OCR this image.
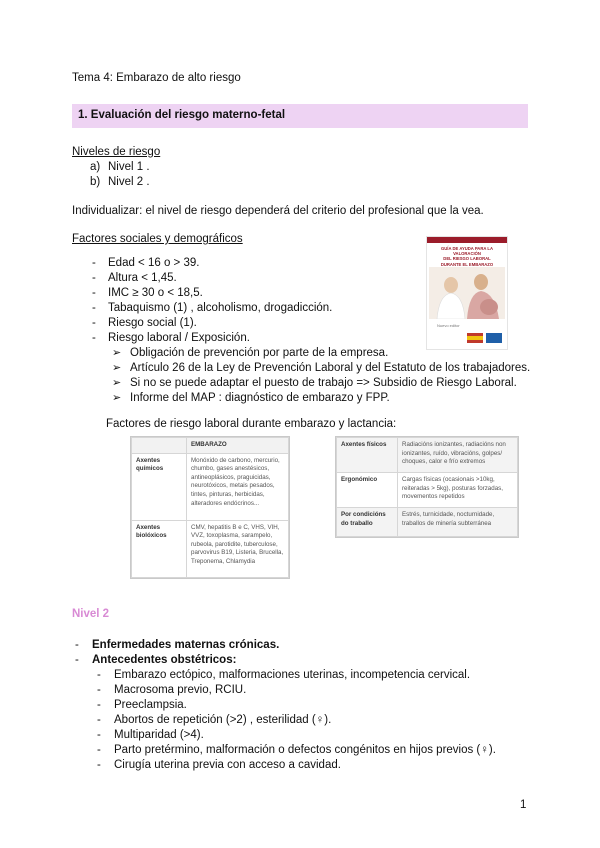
Tema 4: Embarazo de alto riesgo
1. Evaluación del riesgo materno-fetal
Niveles de riesgo
a) Nivel 1 .
b) Nivel 2 .
Individualizar: el nivel de riesgo dependerá del criterio del profesional que la vea.
Factores sociales y demográficos
GUÍA DE AYUDA PARA LA VALORACIÓN
DEL RIESGO LABORAL
DURANTE EL EMBARAZO
Nuevo editor
- Edad < 16 o > 39.
- Altura < 1,45.
- IMC ≥ 30 o < 18,5.
- Tabaquismo (1) , alcoholismo, drogadicción.
- Riesgo social (1).
- Riesgo laboral / Exposición.
➢ Obligación de prevención por parte de la empresa.
➢ Artículo 26 de la Ley de Prevención Laboral y del Estatuto de los trabajadores.
➢ Si no se puede adaptar el puesto de trabajo => Subsidio de Riesgo Laboral.
➢ Informe del MAP : diagnóstico de embarazo y FPP.
Factores de riesgo laboral durante embarazo y lactancia:
	EMBARAZO
Axentes químicos	Monóxido de carbono, mercurio, chumbo, gases anestésicos, antineoplásicos, praguicidas, neurotóxicos, metais pesados, tintes, pinturas, herbicidas, alteradores endócrinos...
Axentes biolóxicos	CMV, hepatitis B e C, VHS, VIH, VVZ, toxoplasma, sarampelo, rubeola, parotidite, tuberculose, parvovirus B19, Listeria, Brucella, Treponema, Chlamydia
Axentes físicos	Radiacións ionizantes, radiacións non ionizantes, ruído, vibracións, golpes/ choques, calor e frío extremos
Ergonómico	Cargas físicas (ocasionais >10kg, reiteradas > 5kg), posturas forzadas, movementos repetidos
Por condicións do traballo	Estrés, turnicidade, nocturnidade, traballos de minería subterránea
Nivel 2
- Enfermedades maternas crónicas.
- Antecedentes obstétricos:
- Embarazo ectópico, malformaciones uterinas, incompetencia cervical.
- Macrosoma previo, RCIU.
- Preeclampsia.
- Abortos de repetición (>2) , esterilidad (♀).
- Multiparidad (>4).
- Parto pretérmino, malformación o defectos congénitos en hijos previos (♀).
- Cirugía uterina previa con acceso a cavidad.
1
